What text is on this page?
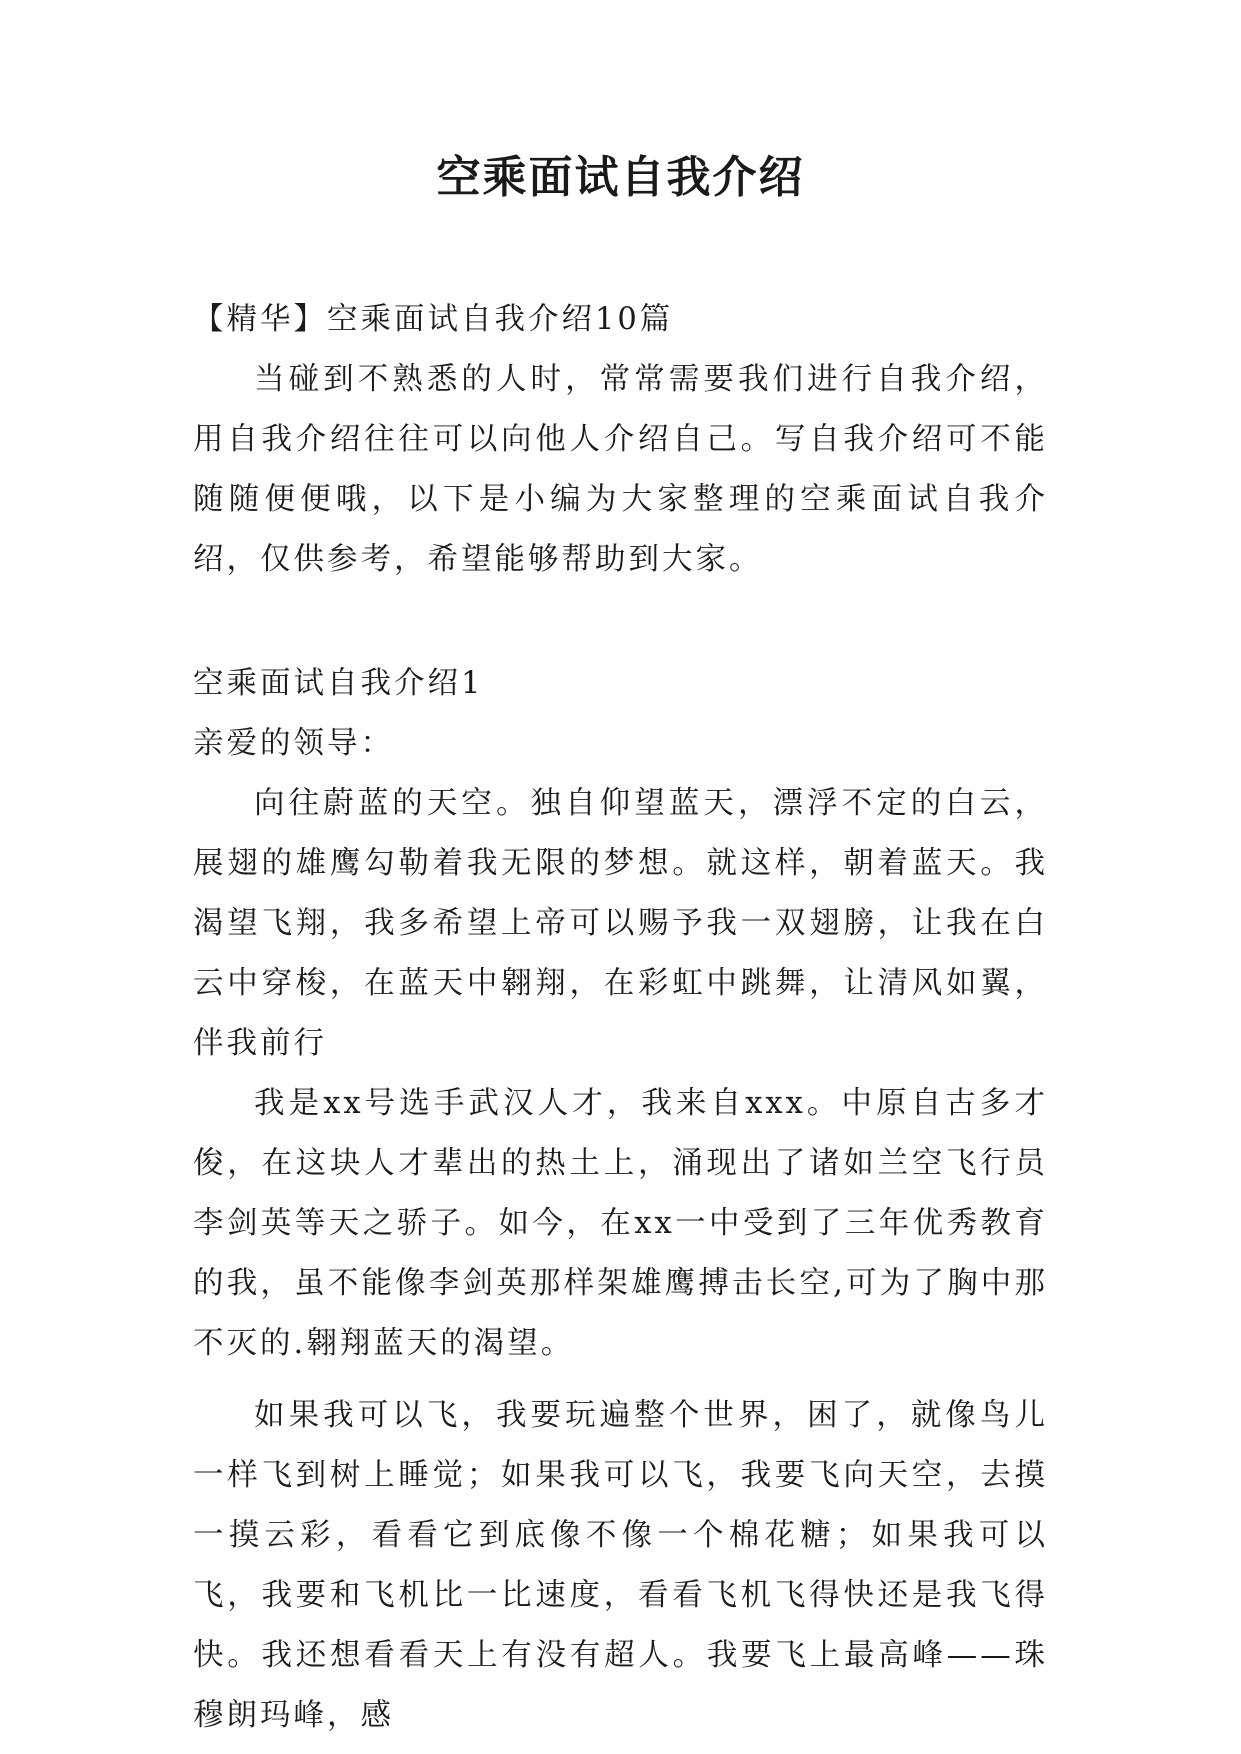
空乘面试自我介绍

【精华】空乘面试自我介绍10篇

当碰到不熟悉的人时，常常需要我们进行自我介绍，用自我介绍往往可以向他人介绍自己。写自我介绍可不能随随便便哦，以下是小编为大家整理的空乘面试自我介绍，仅供参考，希望能够帮助到大家。

空乘面试自我介绍1

亲爱的领导：

向往蔚蓝的天空。独自仰望蓝天，漂浮不定的白云，展翅的雄鹰勾勒着我无限的梦想。就这样，朝着蓝天。我渴望飞翔，我多希望上帝可以赐予我一双翅膀，让我在白云中穿梭，在蓝天中翱翔，在彩虹中跳舞，让清风如翼，伴我前行

我是xx号选手武汉人才，我来自xxx。中原自古多才俊，在这块人才辈出的热土上，涌现出了诸如兰空飞行员李剑英等天之骄子。如今，在xx一中受到了三年优秀教育的我，虽不能像李剑英那样架雄鹰搏击长空,可为了胸中那不灭的.翱翔蓝天的渴望。

如果我可以飞，我要玩遍整个世界，困了，就像鸟儿一样飞到树上睡觉；如果我可以飞，我要飞向天空，去摸一摸云彩，看看它到底像不像一个棉花糖；如果我可以飞，我要和飞机比一比速度，看看飞机飞得快还是我飞得快。我还想看看天上有没有超人。我要飞上最高峰——珠穆朗玛峰，感
